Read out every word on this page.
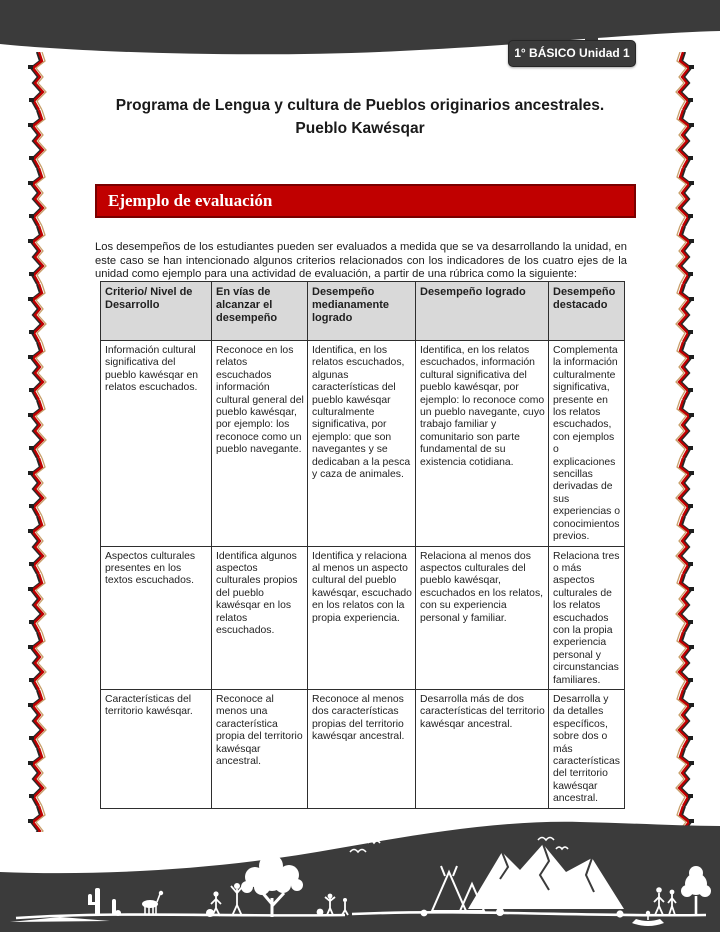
1° BÁSICO Unidad 1
Programa de Lengua y cultura de Pueblos originarios ancestrales.
Pueblo Kawésqar
Ejemplo de evaluación

Los desempeños de los estudiantes pueden ser evaluados a medida que se va desarrollando la unidad, en este caso se han intencionado algunos criterios relacionados con los indicadores de los cuatro ejes de la unidad como ejemplo para una actividad de evaluación, a partir de una rúbrica como la siguiente:

Criterio/ Nivel de Desarrollo	En vías de alcanzar el desempeño	Desempeño medianamente logrado	Desempeño logrado	Desempeño destacado
Información cultural significativa del pueblo kawésqar en relatos escuchados.	Reconoce en los relatos escuchados información cultural general del pueblo kawésqar, por ejemplo: los reconoce como un pueblo navegante.	Identifica, en los relatos escuchados, algunas características del pueblo kawésqar culturalmente significativa, por ejemplo: que son navegantes y se dedicaban a la pesca y caza de animales.	Identifica, en los relatos escuchados, información cultural significativa del pueblo kawésqar, por ejemplo: lo reconoce como un pueblo navegante, cuyo trabajo familiar y comunitario son parte fundamental de su existencia cotidiana.	Complementa la información culturalmente significativa, presente en los relatos escuchados, con ejemplos o explicaciones sencillas derivadas de sus experiencias o conocimientos previos.
Aspectos culturales presentes en los textos escuchados.	Identifica algunos aspectos culturales propios del pueblo kawésqar en los relatos escuchados.	Identifica y relaciona al menos un aspecto cultural del pueblo kawésqar, escuchado en los relatos con la propia experiencia.	Relaciona al menos dos aspectos culturales del pueblo kawésqar, escuchados en los relatos, con su experiencia personal y familiar.	Relaciona tres o más aspectos culturales de los relatos escuchados con la propia experiencia personal y circunstancias familiares.
Características del territorio kawésqar.	Reconoce al menos una característica propia del territorio kawésqar ancestral.	Reconoce al menos dos características propias del territorio kawésqar ancestral.	Desarrolla más de dos características del territorio kawésqar ancestral.	Desarrolla y da detalles específicos, sobre dos o más características del territorio kawésqar ancestral.
